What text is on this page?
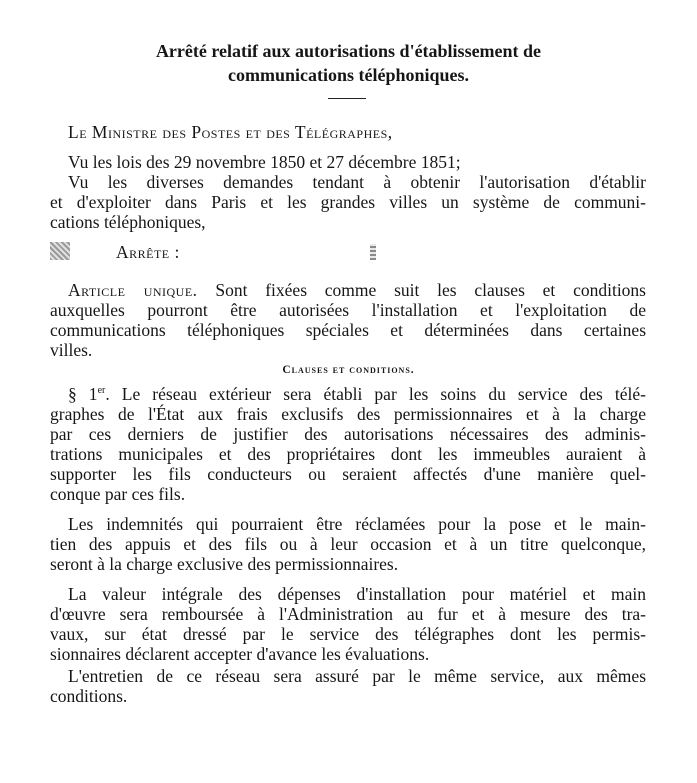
Arrêté relatif aux autorisations d'établissement de
communications téléphoniques.

Le Ministre des Postes et des Télégraphes,

Vu les lois des 29 novembre 1850 et 27 décembre 1851;

Vu les diverses demandes tendant à obtenir l'autorisation d'établir

et d'exploiter dans Paris et les grandes villes un système de communi-

cations téléphoniques,

Arrête :

Article unique. Sont fixées comme suit les clauses et conditions

auxquelles pourront être autorisées l'installation et l'exploitation de

communications téléphoniques spéciales et déterminées dans certaines

villes.

Clauses et conditions.

§ 1er. Le réseau extérieur sera établi par les soins du service des télé-

graphes de l'État aux frais exclusifs des permissionnaires et à la charge

par ces derniers de justifier des autorisations nécessaires des adminis-

trations municipales et des propriétaires dont les immeubles auraient à

supporter les fils conducteurs ou seraient affectés d'une manière quel-

conque par ces fils.

Les indemnités qui pourraient être réclamées pour la pose et le main-

tien des appuis et des fils ou à leur occasion et à un titre quelconque,

seront à la charge exclusive des permissionnaires.

La valeur intégrale des dépenses d'installation pour matériel et main

d'œuvre sera remboursée à l'Administration au fur et à mesure des tra-

vaux, sur état dressé par le service des télégraphes dont les permis-

sionnaires déclarent accepter d'avance les évaluations.

L'entretien de ce réseau sera assuré par le même service, aux mêmes

conditions.
